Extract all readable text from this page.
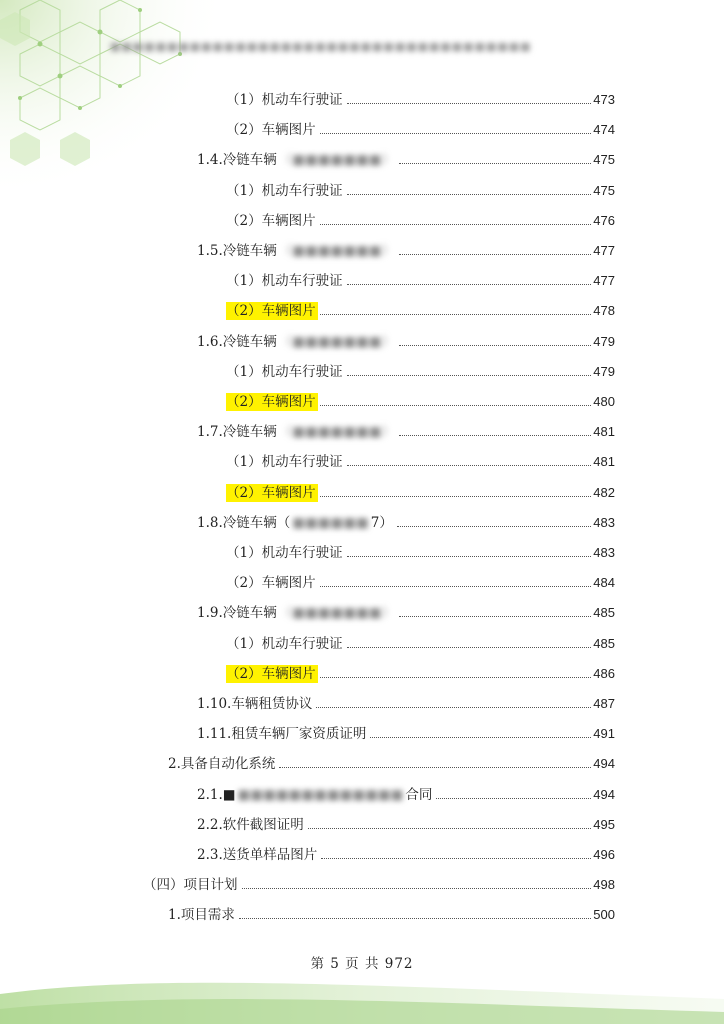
■■■■■■■■■■■■■■■■■■■■■■■■■■■■■■■■■■■■■
（1）机动车行驶证	473
（2）车辆图片	474
1.4.冷链车辆 （■■■■■■■）	475
（1）机动车行驶证	475
（2）车辆图片	476
1.5.冷链车辆 （■■■■■■■）	477
（1）机动车行驶证	477
（2）车辆图片	478
1.6.冷链车辆 （■■■■■■■）	479
（1）机动车行驶证	479
（2）车辆图片	480
1.7.冷链车辆 （■■■■■■■）	481
（1）机动车行驶证	481
（2）车辆图片	482
1.8.冷链车辆（ ■■■■■■ 7）	483
（1）机动车行驶证	483
（2）车辆图片	484
1.9.冷链车辆 （■■■■■■■）	485
（1）机动车行驶证	485
（2）车辆图片	486
1.10.车辆租赁协议	487
1.11.租赁车辆厂家资质证明	491
2.具备自动化系统	494
2.1.■ ■■■■■■■■■■■■■ 合同	494
2.2.软件截图证明	495
2.3.送货单样品图片	496
（四）项目计划	498
1.项目需求	500
第 5 页 共 972
